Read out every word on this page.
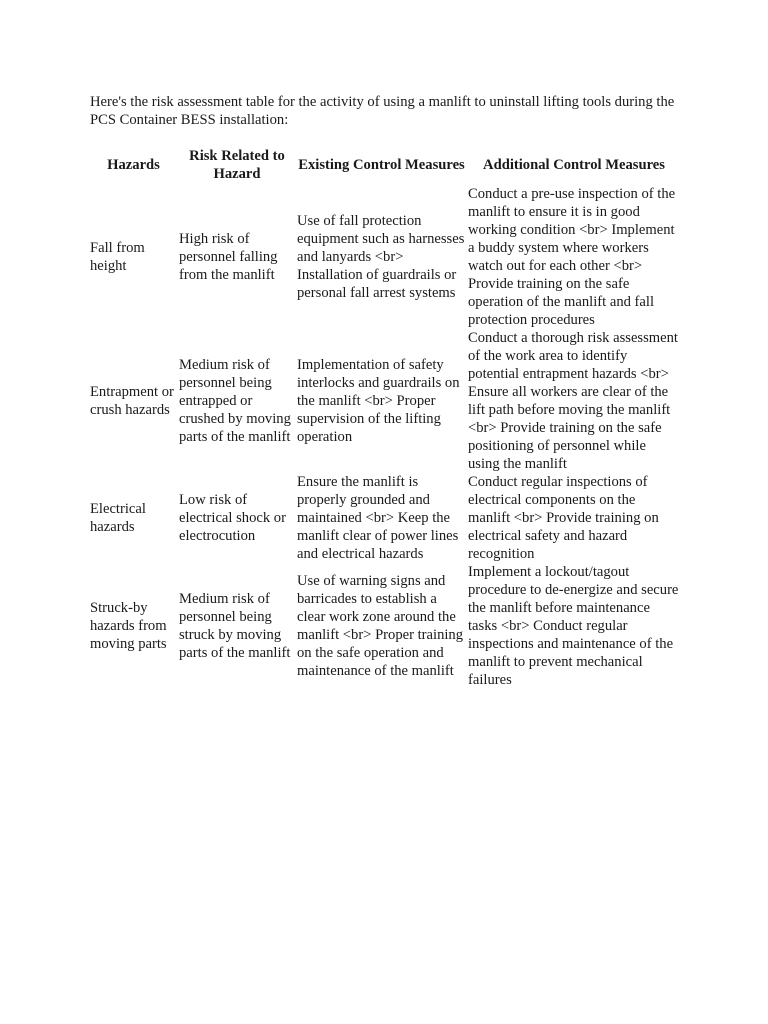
Here's the risk assessment table for the activity of using a manlift to uninstall lifting tools during the PCS Container BESS installation:

Hazards	Risk Related to Hazard	Existing Control Measures	Additional Control Measures
Fall from height	High risk of personnel falling from the manlift	Use of fall protection equipment such as harnesses and lanyards <br> Installation of guardrails or personal fall arrest systems	Conduct a pre-use inspection of the manlift to ensure it is in good working condition <br> Implement a buddy system where workers watch out for each other <br> Provide training on the safe operation of the manlift and fall protection procedures
Entrapment or crush hazards	Medium risk of personnel being entrapped or crushed by moving parts of the manlift	Implementation of safety interlocks and guardrails on the manlift <br> Proper supervision of the lifting operation	Conduct a thorough risk assessment of the work area to identify potential entrapment hazards <br> Ensure all workers are clear of the lift path before moving the manlift <br> Provide training on the safe positioning of personnel while using the manlift
Electrical hazards	Low risk of electrical shock or electrocution	Ensure the manlift is properly grounded and maintained <br> Keep the manlift clear of power lines and electrical hazards	Conduct regular inspections of electrical components on the manlift <br> Provide training on electrical safety and hazard recognition
Struck-by hazards from moving parts	Medium risk of personnel being struck by moving parts of the manlift	Use of warning signs and barricades to establish a clear work zone around the manlift <br> Proper training on the safe operation and maintenance of the manlift	Implement a lockout/tagout procedure to de-energize and secure the manlift before maintenance tasks <br> Conduct regular inspections and maintenance of the manlift to prevent mechanical failures
